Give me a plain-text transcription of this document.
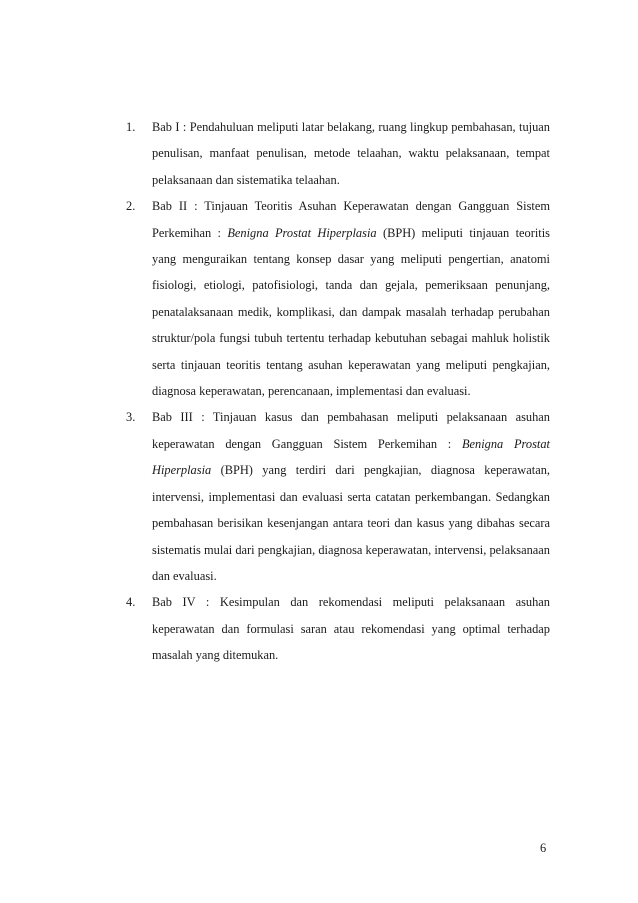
1.	Bab I : Pendahuluan meliputi latar belakang, ruang lingkup pembahasan, tujuan penulisan, manfaat penulisan, metode telaahan, waktu pelaksanaan, tempat pelaksanaan dan sistematika telaahan.

2.	Bab II : Tinjauan Teoritis Asuhan Keperawatan dengan Gangguan Sistem Perkemihan : Benigna Prostat Hiperplasia (BPH) meliputi tinjauan teoritis yang menguraikan tentang konsep dasar yang meliputi pengertian, anatomi fisiologi, etiologi, patofisiologi, tanda dan gejala, pemeriksaan penunjang, penatalaksanaan medik, komplikasi, dan dampak masalah terhadap perubahan struktur/pola fungsi tubuh tertentu terhadap kebutuhan sebagai mahluk holistik serta tinjauan teoritis tentang asuhan keperawatan yang meliputi pengkajian, diagnosa keperawatan, perencanaan, implementasi dan evaluasi.

3.	Bab III : Tinjauan kasus dan pembahasan meliputi pelaksanaan asuhan keperawatan dengan Gangguan Sistem Perkemihan : Benigna Prostat Hiperplasia (BPH) yang terdiri dari pengkajian, diagnosa keperawatan, intervensi, implementasi dan evaluasi serta catatan perkembangan. Sedangkan pembahasan berisikan kesenjangan antara teori dan kasus yang dibahas secara sistematis mulai dari pengkajian, diagnosa keperawatan, intervensi, pelaksanaan dan evaluasi.

4.	Bab IV : Kesimpulan dan rekomendasi meliputi pelaksanaan asuhan keperawatan dan formulasi saran atau rekomendasi yang optimal terhadap masalah yang ditemukan.

6
